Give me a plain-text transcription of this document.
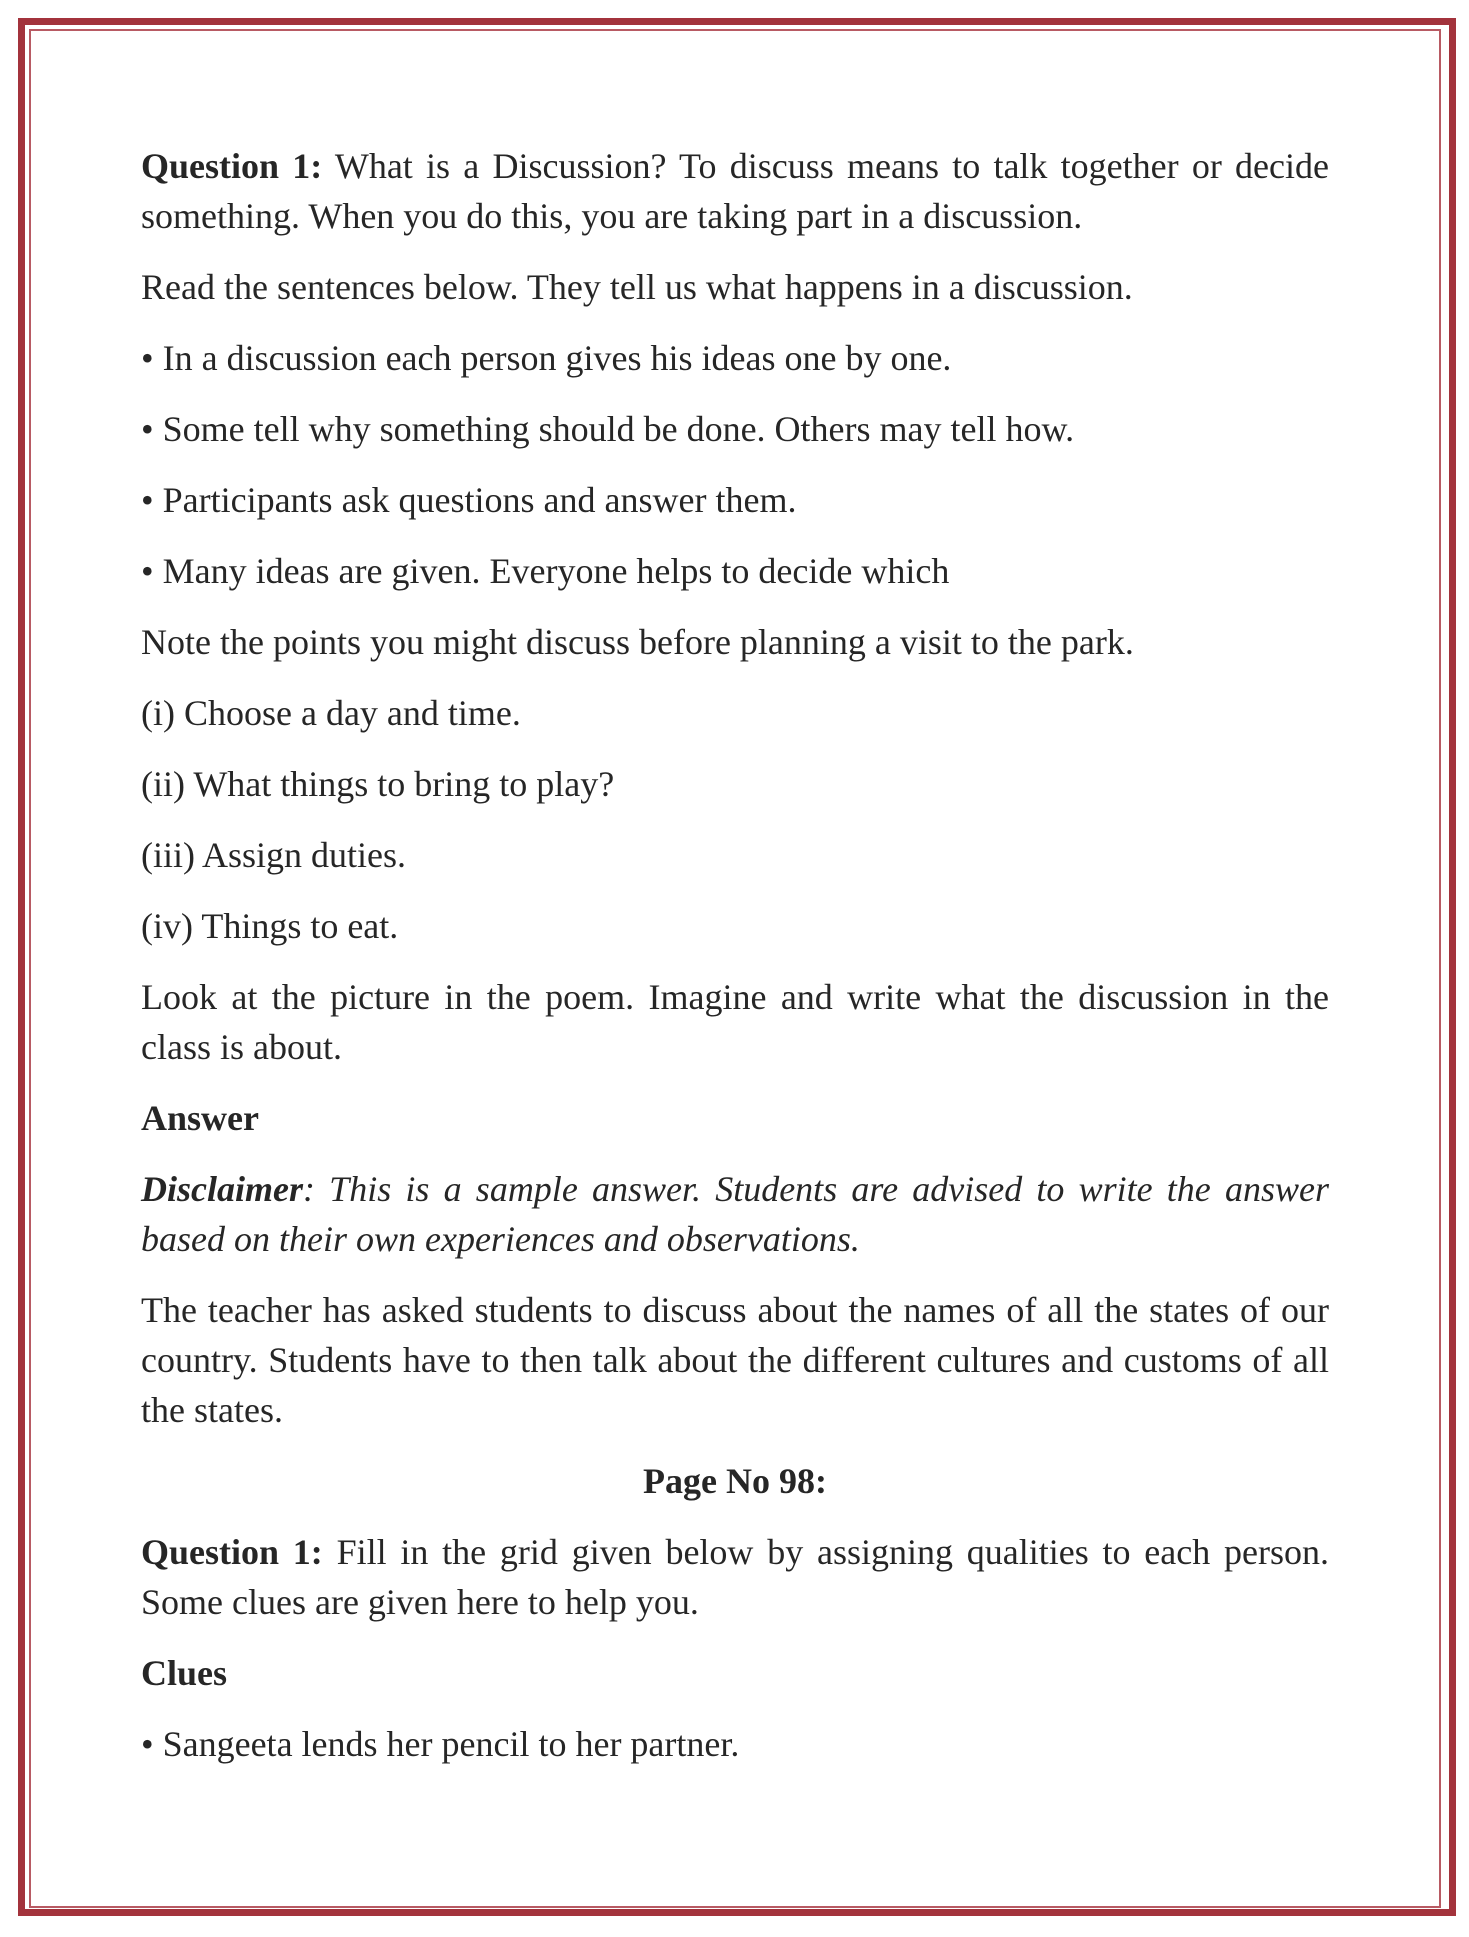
Question 1: What is a Discussion? To discuss means to talk together or decide something. When you do this, you are taking part in a discussion.

Read the sentences below. They tell us what happens in a discussion.

• In a discussion each person gives his ideas one by one.

• Some tell why something should be done. Others may tell how.

• Participants ask questions and answer them.

• Many ideas are given. Everyone helps to decide which

Note the points you might discuss before planning a visit to the park.

(i) Choose a day and time.

(ii) What things to bring to play?

(iii) Assign duties.

(iv) Things to eat.

Look at the picture in the poem. Imagine and write what the discussion in the class is about.

Answer

Disclaimer: This is a sample answer. Students are advised to write the answer based on their own experiences and observations.

The teacher has asked students to discuss about the names of all the states of our country. Students have to then talk about the different cultures and customs of all the states.

Page No 98:

Question 1: Fill in the grid given below by assigning qualities to each person. Some clues are given here to help you.

Clues

• Sangeeta lends her pencil to her partner.
